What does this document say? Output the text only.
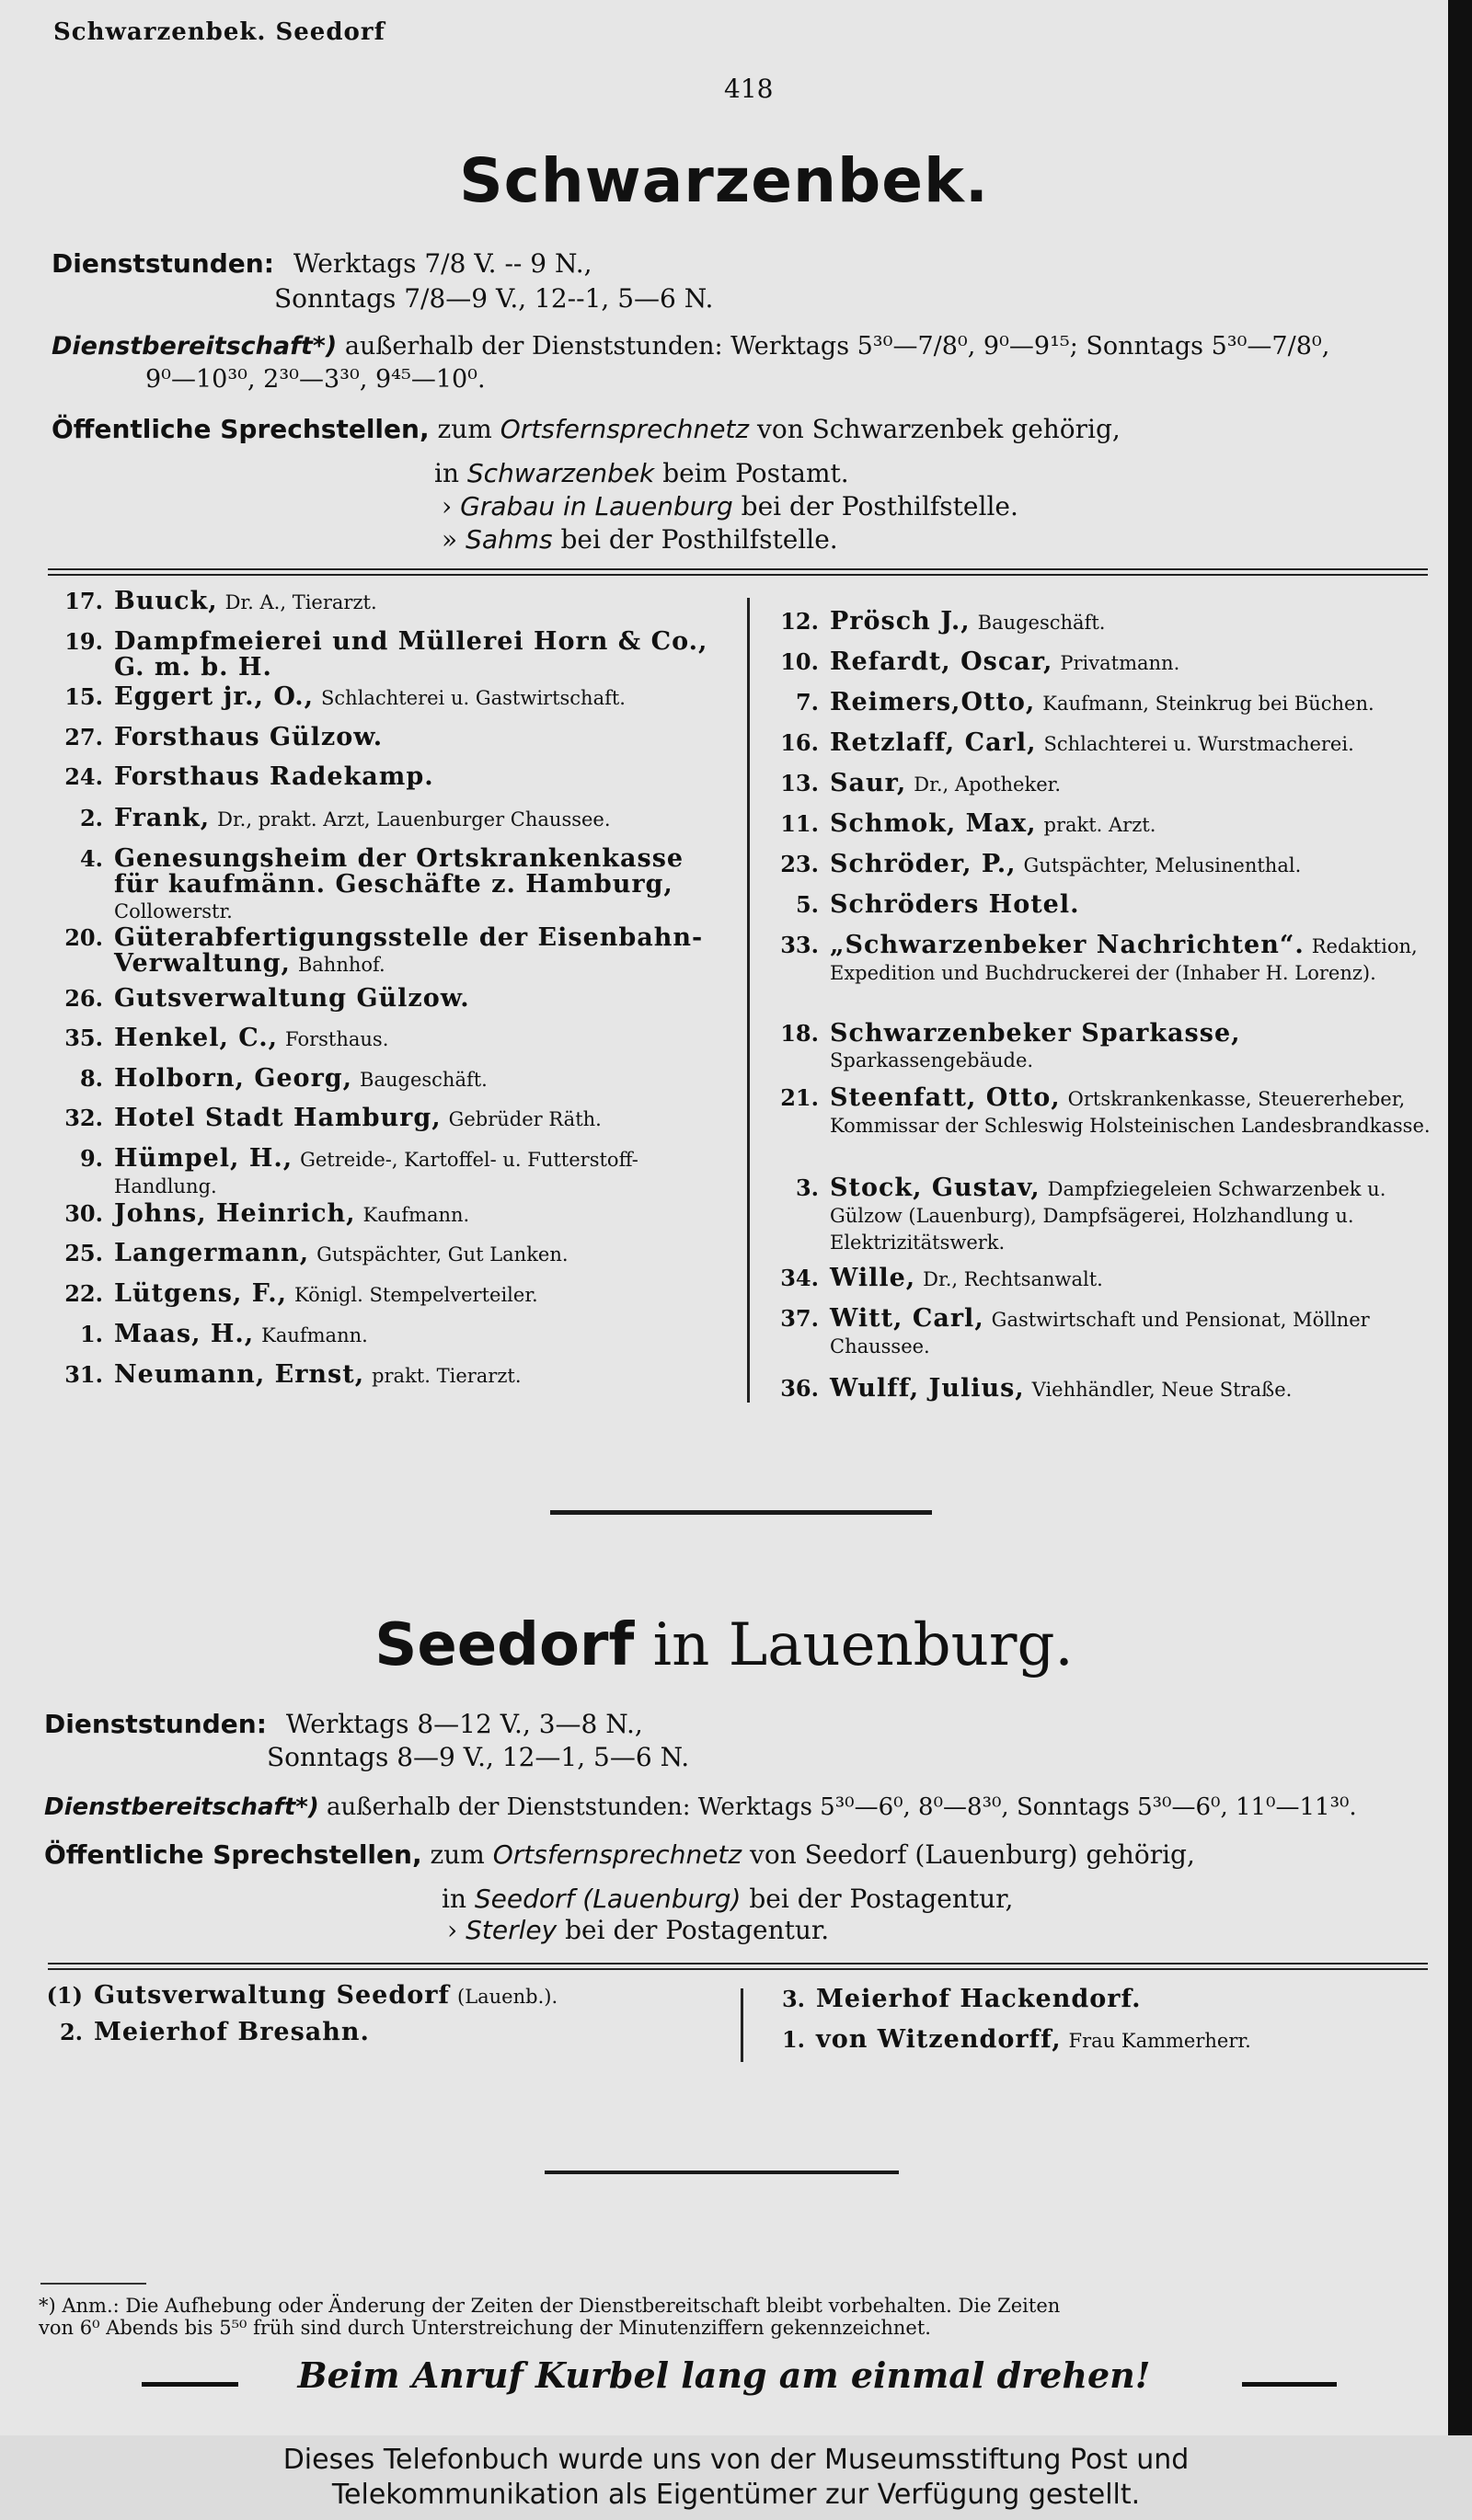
Schwarzenbek. Seedorf
418
Schwarzenbek.
Dienststunden: Werktags 7/8 V. -- 9 N.,
Sonntags 7/8—9 V., 12--1, 5—6 N.
Dienstbereitschaft*) außerhalb der Dienststunden: Werktags 5³⁰—7/8⁰, 9⁰—9¹⁵; Sonntags 5³⁰—7/8⁰,
9⁰—10³⁰, 2³⁰—3³⁰, 9⁴⁵—10⁰.
Öffentliche Sprechstellen, zum Ortsfernsprechnetz von Schwarzenbek gehörig,
in Schwarzenbek beim Postamt.
› Grabau in Lauenburg bei der Posthilfstelle.
» Sahms bei der Posthilfstelle.
17. Buuck, Dr. A., Tierarzt.
19. Dampfmeierei und Müllerei Horn & Co., G. m. b. H.
15. Eggert jr., O., Schlachterei u. Gastwirtschaft.
27. Forsthaus Gülzow.
24. Forsthaus Radekamp.
2. Frank, Dr., prakt. Arzt, Lauenburger Chaussee.
4. Genesungsheim der Ortskrankenkasse für kaufmänn. Geschäfte z. Hamburg, Collowerstr.
20. Güterabfertigungsstelle der Eisenbahn-Verwaltung, Bahnhof.
26. Gutsverwaltung Gülzow.
35. Henkel, C., Forsthaus.
8. Holborn, Georg, Baugeschäft.
32. Hotel Stadt Hamburg, Gebrüder Räth.
9. Hümpel, H., Getreide-, Kartoffel- u. Futterstoff-Handlung.
30. Johns, Heinrich, Kaufmann.
25. Langermann, Gutspächter, Gut Lanken.
22. Lütgens, F., Königl. Stempelverteiler.
1. Maas, H., Kaufmann.
31. Neumann, Ernst, prakt. Tierarzt.
12. Prösch J., Baugeschäft.
10. Refardt, Oscar, Privatmann.
7. Reimers,Otto, Kaufmann, Steinkrug bei Büchen.
16. Retzlaff, Carl, Schlachterei u. Wurstmacherei.
13. Saur, Dr., Apotheker.
11. Schmok, Max, prakt. Arzt.
23. Schröder, P., Gutspächter, Melusinenthal.
5. Schröders Hotel.
33. „Schwarzenbeker Nachrichten“. Redaktion, Expedition und Buchdruckerei der (Inhaber H. Lorenz).
18. Schwarzenbeker Sparkasse, Sparkassengebäude.
21. Steenfatt, Otto, Ortskrankenkasse, Steuererheber, Kommissar der Schleswig Holsteinischen Landesbrandkasse.
3. Stock, Gustav, Dampfziegeleien Schwarzenbek u. Gülzow (Lauenburg), Dampfsägerei, Holzhandlung u. Elektrizitätswerk.
34. Wille, Dr., Rechtsanwalt.
37. Witt, Carl, Gastwirtschaft und Pensionat, Möllner Chaussee.
36. Wulff, Julius, Viehhändler, Neue Straße.
Seedorf in Lauenburg.
Dienststunden: Werktags 8—12 V., 3—8 N.,
Sonntags 8—9 V., 12—1, 5—6 N.
Dienstbereitschaft*) außerhalb der Dienststunden: Werktags 5³⁰—6⁰, 8⁰—8³⁰, Sonntags 5³⁰—6⁰, 11⁰—11³⁰.
Öffentliche Sprechstellen, zum Ortsfernsprechnetz von Seedorf (Lauenburg) gehörig,
in Seedorf (Lauenburg) bei der Postagentur,
› Sterley bei der Postagentur.
(1) Gutsverwaltung Seedorf (Lauenb.).
2. Meierhof Bresahn.
3. Meierhof Hackendorf.
1. von Witzendorff, Frau Kammerherr.
*) Anm.: Die Aufhebung oder Änderung der Zeiten der Dienstbereitschaft bleibt vorbehalten. Die Zeiten
von 6⁰ Abends bis 5⁵⁰ früh sind durch Unterstreichung der Minutenziffern gekennzeichnet.
Beim Anruf Kurbel lang am einmal drehen!
Dieses Telefonbuch wurde uns von der Museumsstiftung Post und
Telekommunikation als Eigentümer zur Verfügung gestellt.
